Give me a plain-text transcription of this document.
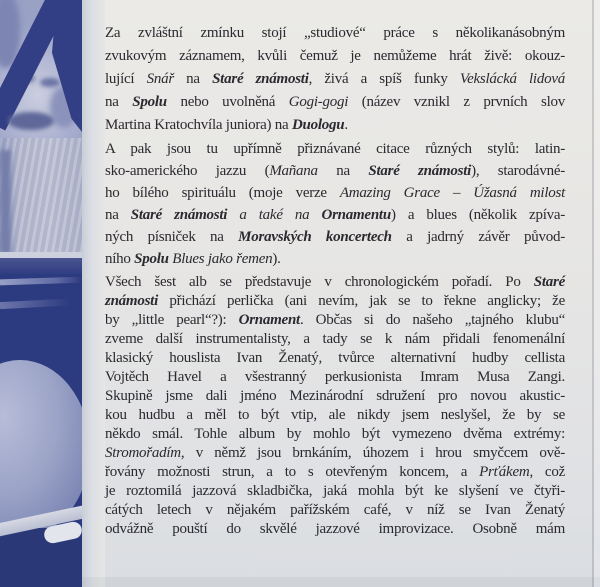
Za zvláštní zmínku stojí „studiové“ práce s několikanásobným
zvukovým záznamem, kvůli čemuž je nemůžeme hrát živě: okouz-
lující Snář na Staré známosti, živá a spíš funky Vekslácká lidová
na Spolu nebo uvolněná Gogi-gogi (název vznikl z prvních slov
Martina Kratochvíla juniora) na Duologu.
A pak jsou tu upřímně přiznávané citace různých stylů: latin-
sko-amerického jazzu (Mañana na Staré známosti), starodávné-
ho bílého spirituálu (moje verze Amazing Grace – Úžasná milost
na Staré známosti a také na Ornamentu) a blues (několik zpíva-
ných písniček na Moravských koncertech a jadrný závěr původ-
ního Spolu Blues jako řemen).
Všech šest alb se představuje v chronologickém pořadí. Po Staré
známosti přichází perlička (ani nevím, jak se to řekne anglicky; že
by „little pearl“?): Ornament. Občas si do našeho „tajného klubu“
zveme další instrumentalisty, a tady se k nám přidali fenomenální
klasický houslista Ivan Ženatý, tvůrce alternativní hudby cellista
Vojtěch Havel a všestranný perkusionista Imram Musa Zangi.
Skupině jsme dali jméno Mezinárodní sdružení pro novou akustic-
kou hudbu a měl to být vtip, ale nikdy jsem neslyšel, že by se
někdo smál. Tohle album by mohlo být vymezeno dvěma extrémy:
Stromořadím, v němž jsou brnkáním, úhozem i hrou smyčcem ově-
řovány možnosti strun, a to s otevřeným koncem, a Prťákem, což
je roztomilá jazzová skladbička, jaká mohla být ke slyšení ve čtyři-
cátých letech v nějakém pařížském café, v níž se Ivan Ženatý
odvážně pouští do skvělé jazzové improvizace. Osobně mám
